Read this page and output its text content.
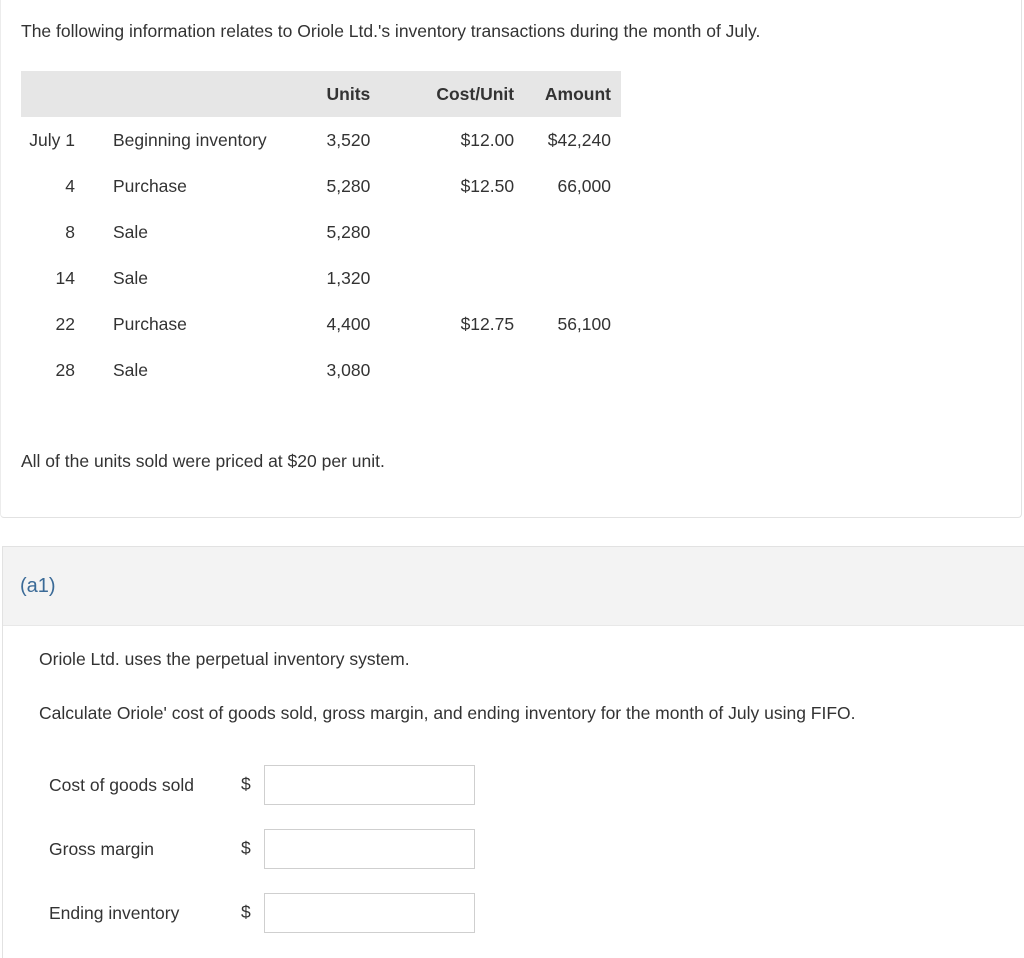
The following information relates to Oriole Ltd.'s inventory transactions during the month of July.

		Units	Cost/Unit	Amount
July 1	Beginning inventory	3,520	$12.00	$42,240
4	Purchase	5,280	$12.50	66,000
8	Sale	5,280		
14	Sale	1,320		
22	Purchase	4,400	$12.75	56,100
28	Sale	3,080		

All of the units sold were priced at $20 per unit.

(a1)

Oriole Ltd. uses the perpetual inventory system.

Calculate Oriole' cost of goods sold, gross margin, and ending inventory for the month of July using FIFO.

Cost of goods sold	$
Gross margin	$
Ending inventory	$
